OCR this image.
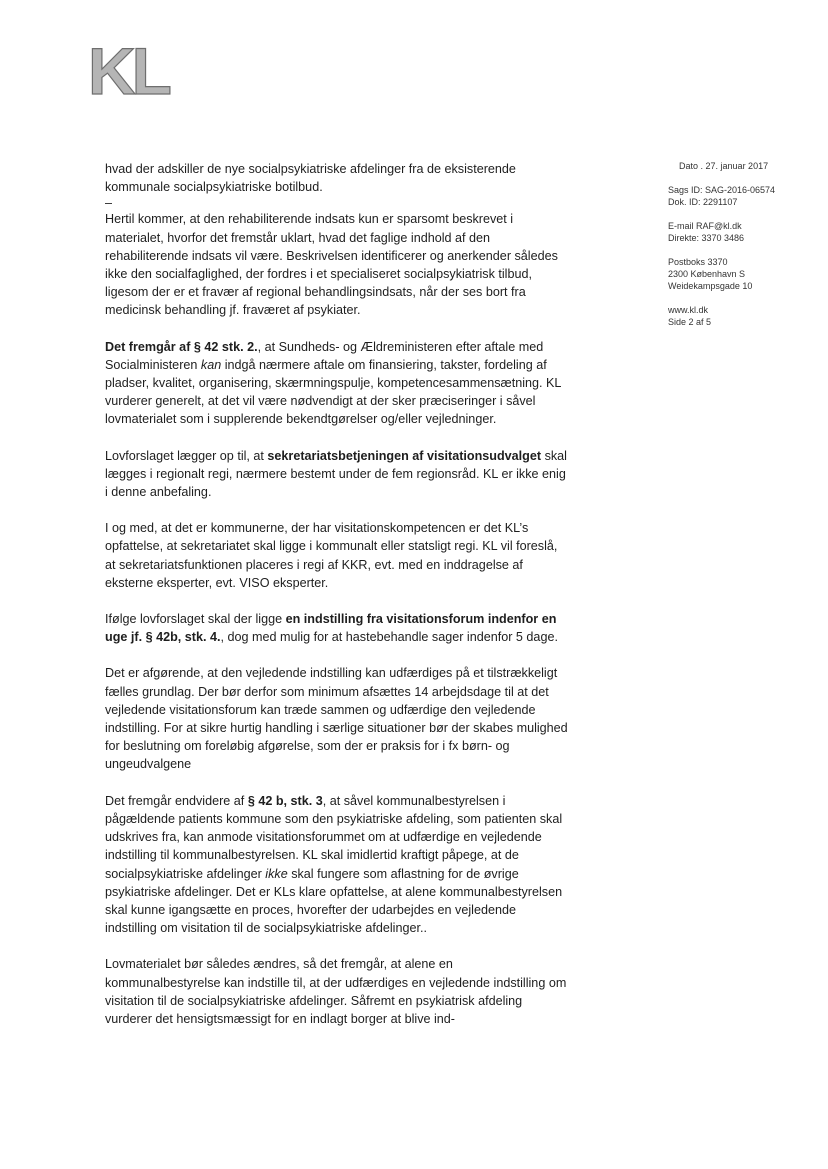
KL

hvad der adskiller de nye socialpsykiatriske afdelinger fra de eksisterende kommunale socialpsykiatriske botilbud.

–

Hertil kommer, at den rehabiliterende indsats kun er sparsomt beskrevet i materialet, hvorfor det fremstår uklart, hvad det faglige indhold af den rehabiliterende indsats vil være. Beskrivelsen identificerer og anerkender således ikke den socialfaglighed, der fordres i et specialiseret socialpsykiatrisk tilbud, ligesom der er et fravær af regional behandlingsindsats, når der ses bort fra medicinsk behandling jf. fraværet af psykiater.

Det fremgår af § 42 stk. 2., at Sundheds- og Ældreministeren efter aftale med Socialministeren kan indgå nærmere aftale om finansiering, takster, fordeling af pladser, kvalitet, organisering, skærmningspulje, kompetencesammensætning. KL vurderer generelt, at det vil være nødvendigt at der sker præciseringer i såvel lovmaterialet som i supplerende bekendtgørelser og/eller vejledninger.

Lovforslaget lægger op til, at sekretariatsbetjeningen af visitationsudvalget skal lægges i regionalt regi, nærmere bestemt under de fem regionsråd. KL er ikke enig i denne anbefaling.

I og med, at det er kommunerne, der har visitationskompetencen er det KL’s opfattelse, at sekretariatet skal ligge i kommunalt eller statsligt regi. KL vil foreslå, at sekretariatsfunktionen placeres i regi af KKR, evt. med en inddragelse af eksterne eksperter, evt. VISO eksperter.

Ifølge lovforslaget skal der ligge en indstilling fra visitationsforum indenfor en uge jf. § 42b, stk. 4., dog med mulig for at hastebehandle sager indenfor 5 dage.

Det er afgørende, at den vejledende indstilling kan udfærdiges på et tilstrækkeligt fælles grundlag. Der bør derfor som minimum afsættes 14 arbejdsdage til at det vejledende visitationsforum kan træde sammen og udfærdige den vejledende indstilling. For at sikre hurtig handling i særlige situationer bør der skabes mulighed for beslutning om foreløbig afgørelse, som der er praksis for i fx børn- og ungeudvalgene

Det fremgår endvidere af § 42 b, stk. 3, at såvel kommunalbestyrelsen i pågældende patients kommune som den psykiatriske afdeling, som patienten skal udskrives fra, kan anmode visitationsforummet om at udfærdige en vejledende indstilling til kommunalbestyrelsen. KL skal imidlertid kraftigt påpege, at de socialpsykiatriske afdelinger ikke skal fungere som aflastning for de øvrige psykiatriske afdelinger. Det er KLs klare opfattelse, at alene kommunalbestyrelsen skal kunne igangsætte en proces, hvorefter der udarbejdes en vejledende indstilling om visitation til de socialpsykiatriske afdelinger..

Lovmaterialet bør således ændres, så det fremgår, at alene en kommunalbestyrelse kan indstille til, at der udfærdiges en vejledende indstilling om visitation til de socialpsykiatriske afdelinger. Såfremt en psykiatrisk afdeling vurderer det hensigtsmæssigt for en indlagt borger at blive ind-

Dato . 27. januar 2017
Sags ID: SAG-2016-06574
Dok. ID: 2291107
E-mail RAF@kl.dk
Direkte: 3370 3486
Postboks 3370
2300 København S
Weidekampsgade 10
www.kl.dk
Side 2 af 5
